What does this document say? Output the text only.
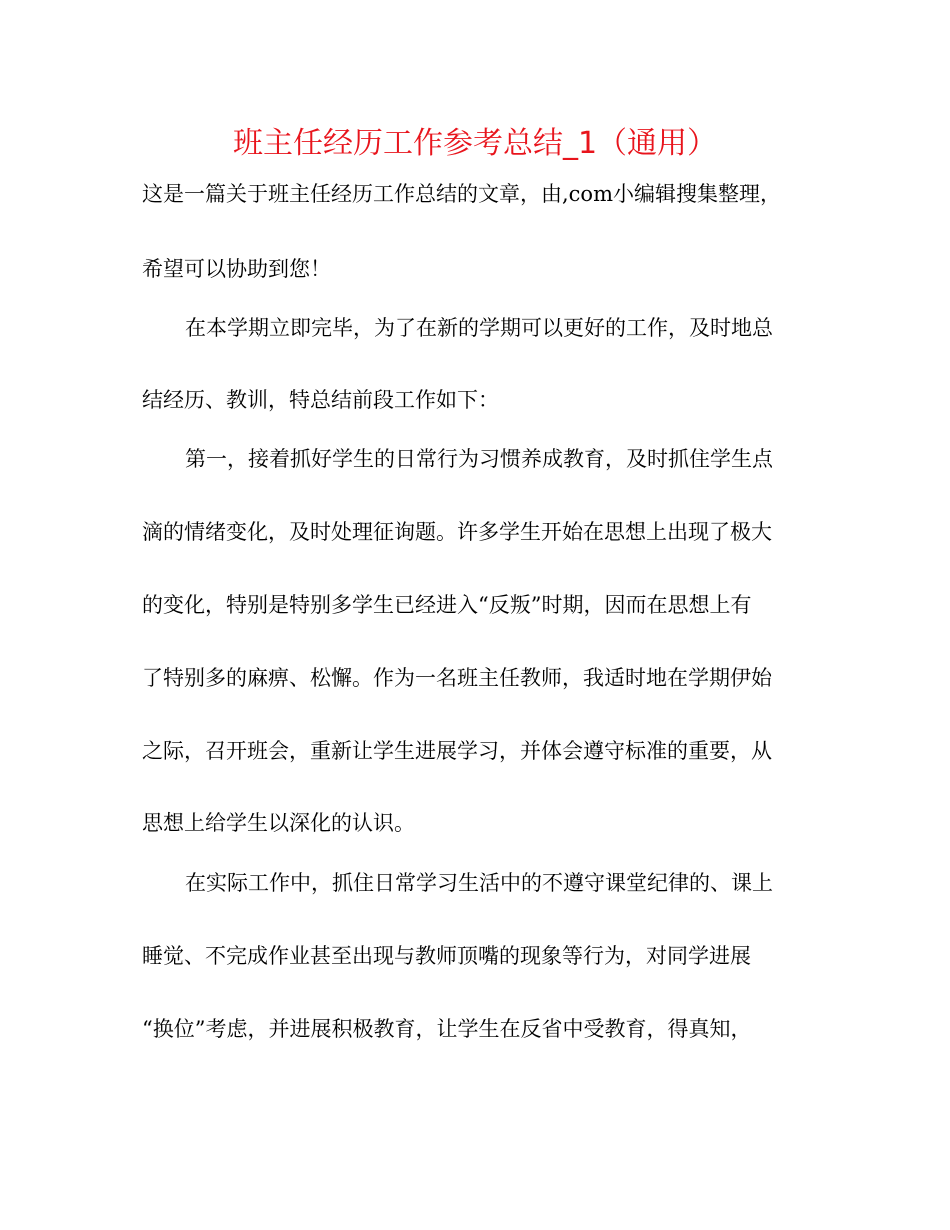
班主任经历工作参考总结_1（通用）
这是一篇关于班主任经历工作总结的文章，由,com小编辑搜集整理，
希望可以协助到您！
在本学期立即完毕，为了在新的学期可以更好的工作，及时地总
结经历、教训，特总结前段工作如下：
第一，接着抓好学生的日常行为习惯养成教育，及时抓住学生点
滴的情绪变化，及时处理征询题。许多学生开始在思想上出现了极大
的变化，特别是特别多学生已经进入“反叛”时期，因而在思想上有
了特别多的麻痹、松懈。作为一名班主任教师，我适时地在学期伊始
之际，召开班会，重新让学生进展学习，并体会遵守标准的重要，从
思想上给学生以深化的认识。
在实际工作中，抓住日常学习生活中的不遵守课堂纪律的、课上
睡觉、不完成作业甚至出现与教师顶嘴的现象等行为，对同学进展
“换位”考虑，并进展积极教育，让学生在反省中受教育，得真知，
